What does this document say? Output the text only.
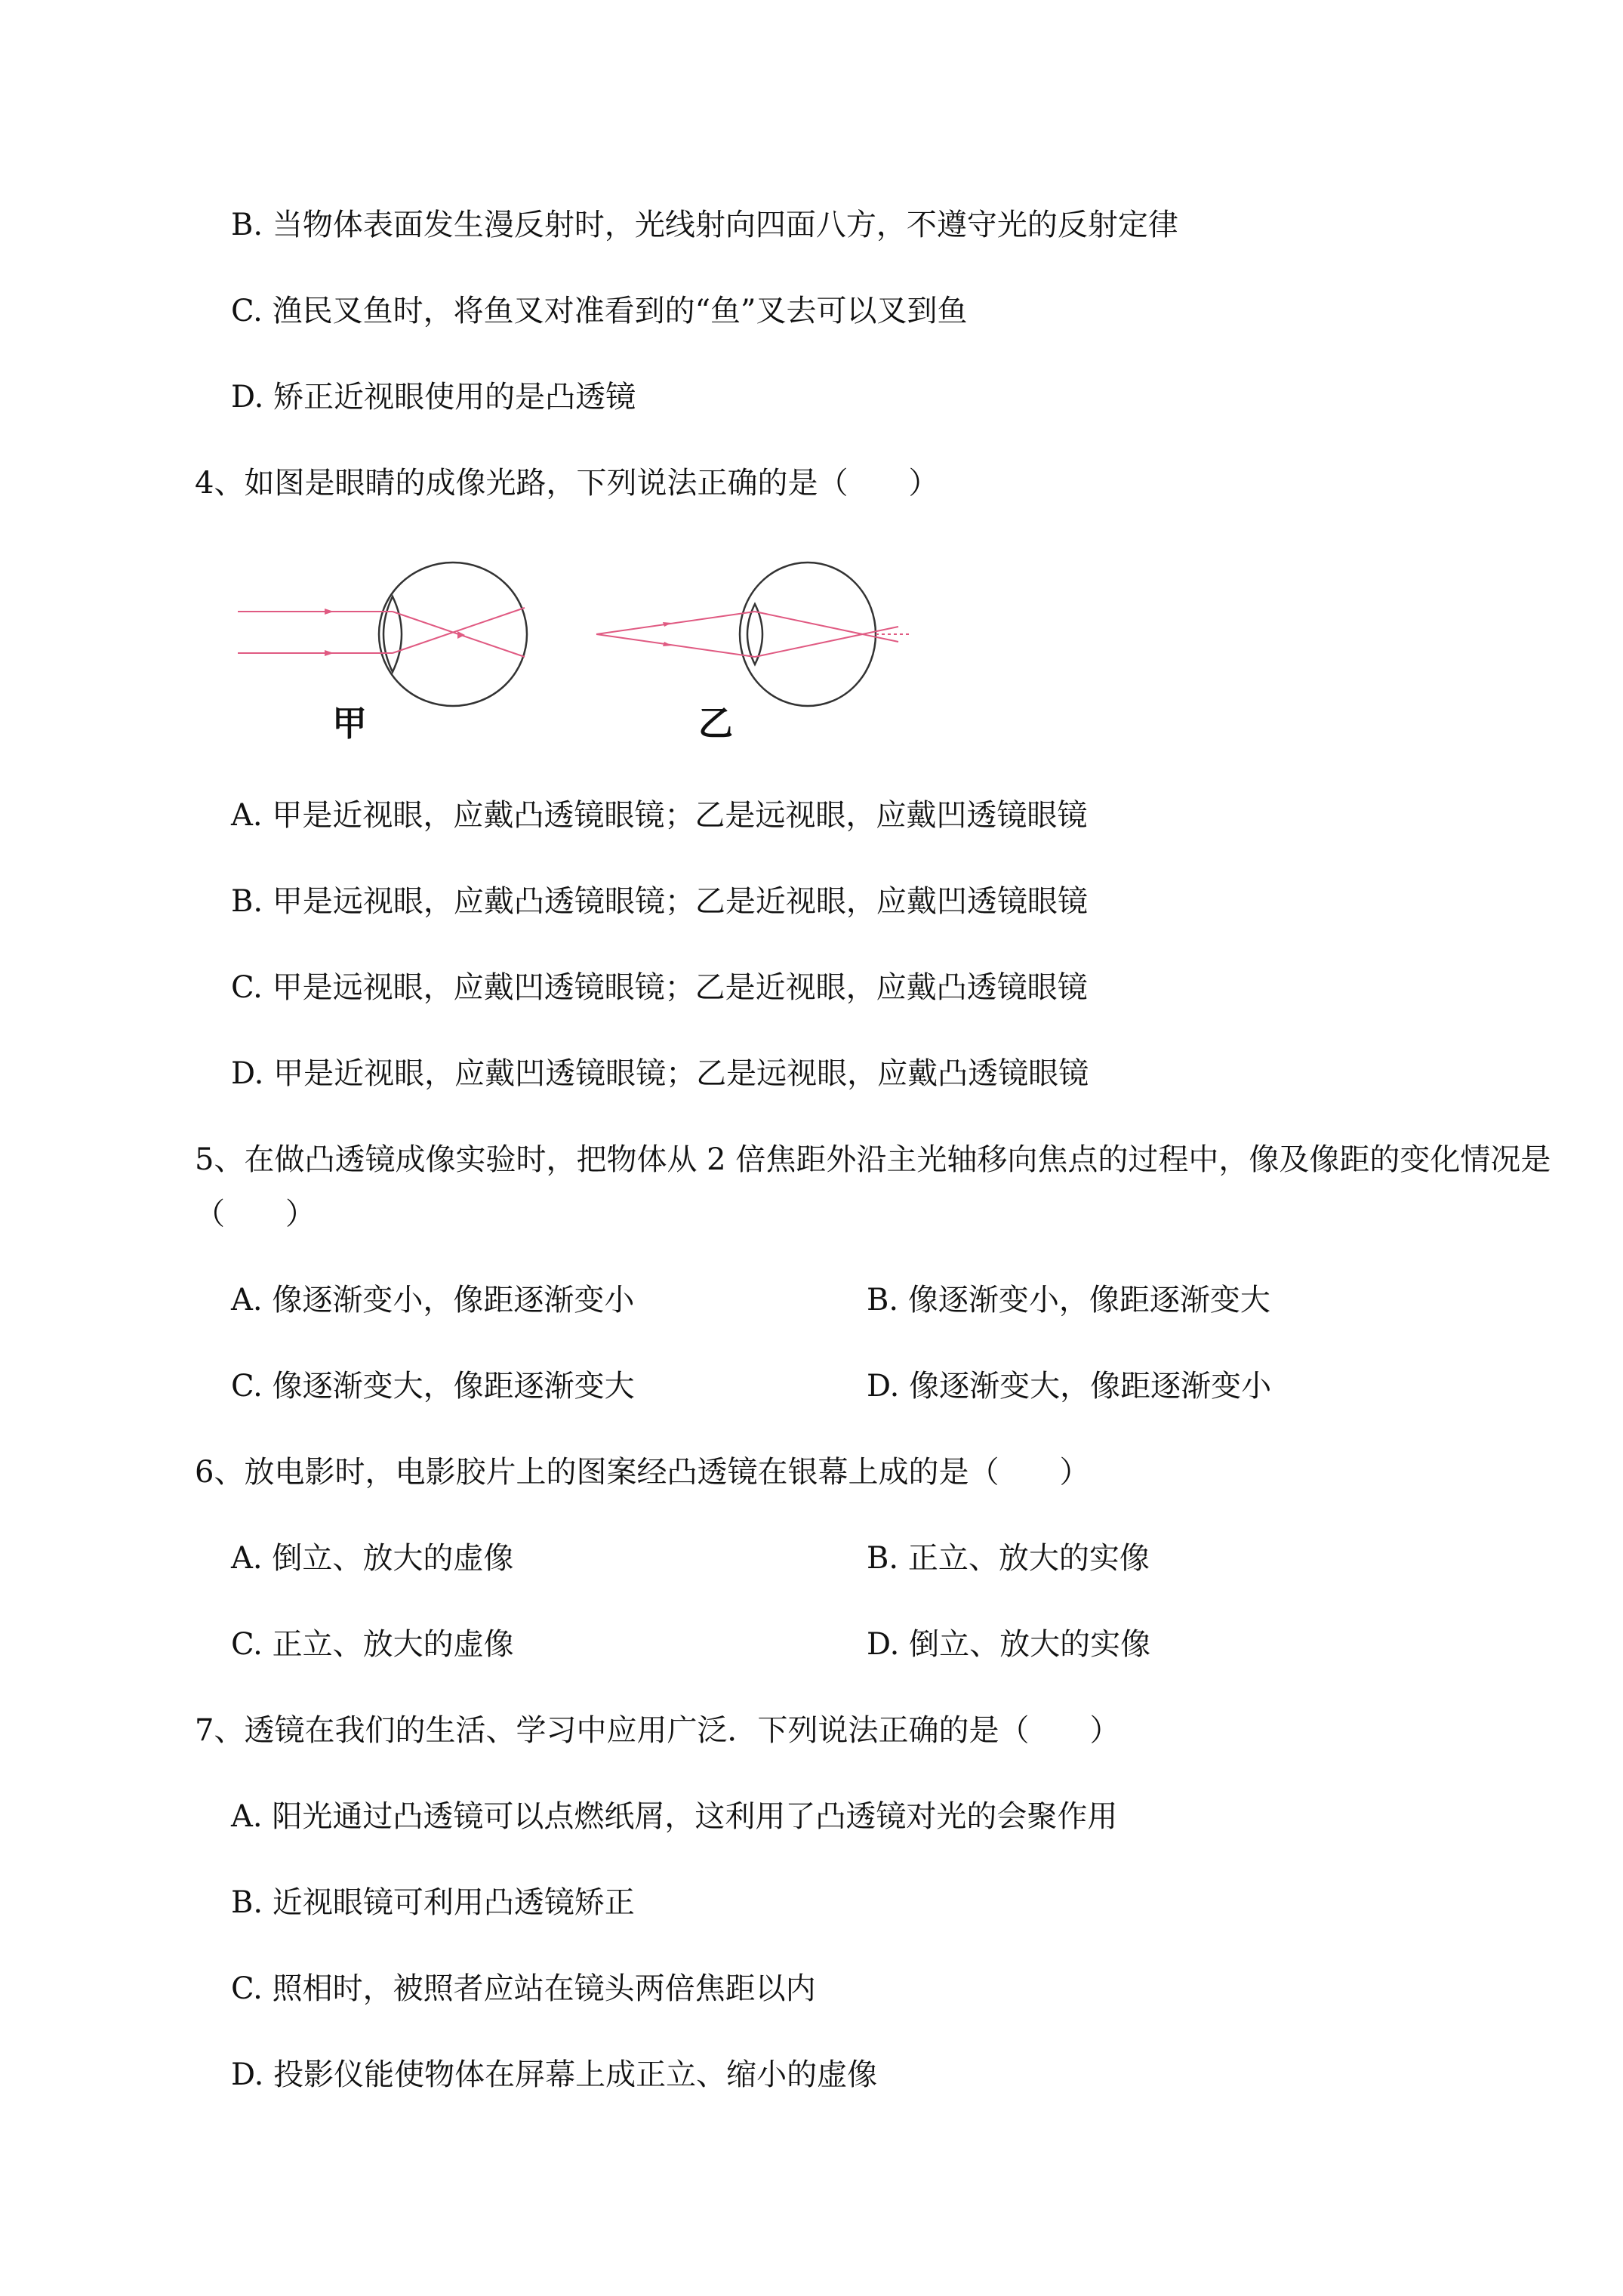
B. 当物体表面发生漫反射时，光线射向四面八方，不遵守光的反射定律
C. 渔民叉鱼时，将鱼叉对准看到的“鱼”叉去可以叉到鱼
D. 矫正近视眼使用的是凸透镜
4、如图是眼睛的成像光路，下列说法正确的是（　　）
甲	乙
A. 甲是近视眼，应戴凸透镜眼镜；乙是远视眼，应戴凹透镜眼镜
B. 甲是远视眼，应戴凸透镜眼镜；乙是近视眼，应戴凹透镜眼镜
C. 甲是远视眼，应戴凹透镜眼镜；乙是近视眼，应戴凸透镜眼镜
D. 甲是近视眼，应戴凹透镜眼镜；乙是远视眼，应戴凸透镜眼镜
5、在做凸透镜成像实验时，把物体从 2 倍焦距外沿主光轴移向焦点的过程中，像及像距的变化情况是
（　　）
A. 像逐渐变小，像距逐渐变小	B. 像逐渐变小，像距逐渐变大
C. 像逐渐变大，像距逐渐变大	D. 像逐渐变大，像距逐渐变小
6、放电影时，电影胶片上的图案经凸透镜在银幕上成的是（　　）
A. 倒立、放大的虚像	B. 正立、放大的实像
C. 正立、放大的虚像	D. 倒立、放大的实像
7、透镜在我们的生活、学习中应用广泛．下列说法正确的是（　　）
A. 阳光通过凸透镜可以点燃纸屑，这利用了凸透镜对光的会聚作用
B. 近视眼镜可利用凸透镜矫正
C. 照相时，被照者应站在镜头两倍焦距以内
D. 投影仪能使物体在屏幕上成正立、缩小的虚像
